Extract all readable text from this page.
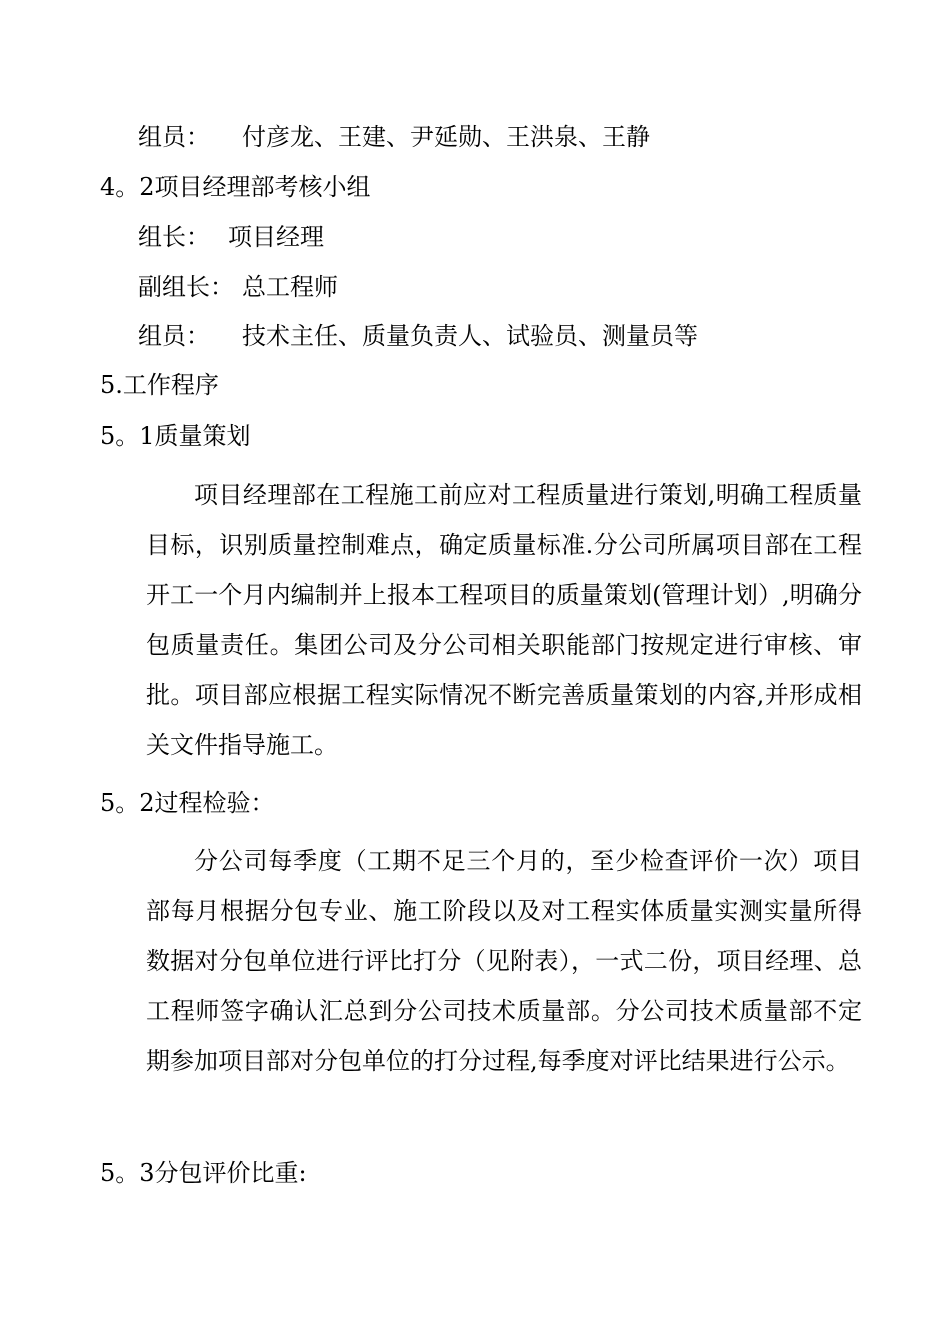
组员：	付彦龙、王建、尹延勋、王洪泉、王静
4。2项目经理部考核小组
组长： 项目经理
副组长： 总工程师
组员：	技术主任、质量负责人、试验员、测量员等
5.工作程序
5。1质量策划
项目经理部在工程施工前应对工程质量进行策划,明确工程质量目标，识别质量控制难点，确定质量标准.分公司所属项目部在工程开工一个月内编制并上报本工程项目的质量策划(管理计划）,明确分包质量责任。集团公司及分公司相关职能部门按规定进行审核、审批。项目部应根据工程实际情况不断完善质量策划的内容,并形成相关文件指导施工。
5。2过程检验：
分公司每季度（工期不足三个月的，至少检查评价一次）项目部每月根据分包专业、施工阶段以及对工程实体质量实测实量所得数据对分包单位进行评比打分（见附表），一式二份，项目经理、总工程师签字确认汇总到分公司技术质量部。分公司技术质量部不定期参加项目部对分包单位的打分过程,每季度对评比结果进行公示。
5。3分包评价比重:
